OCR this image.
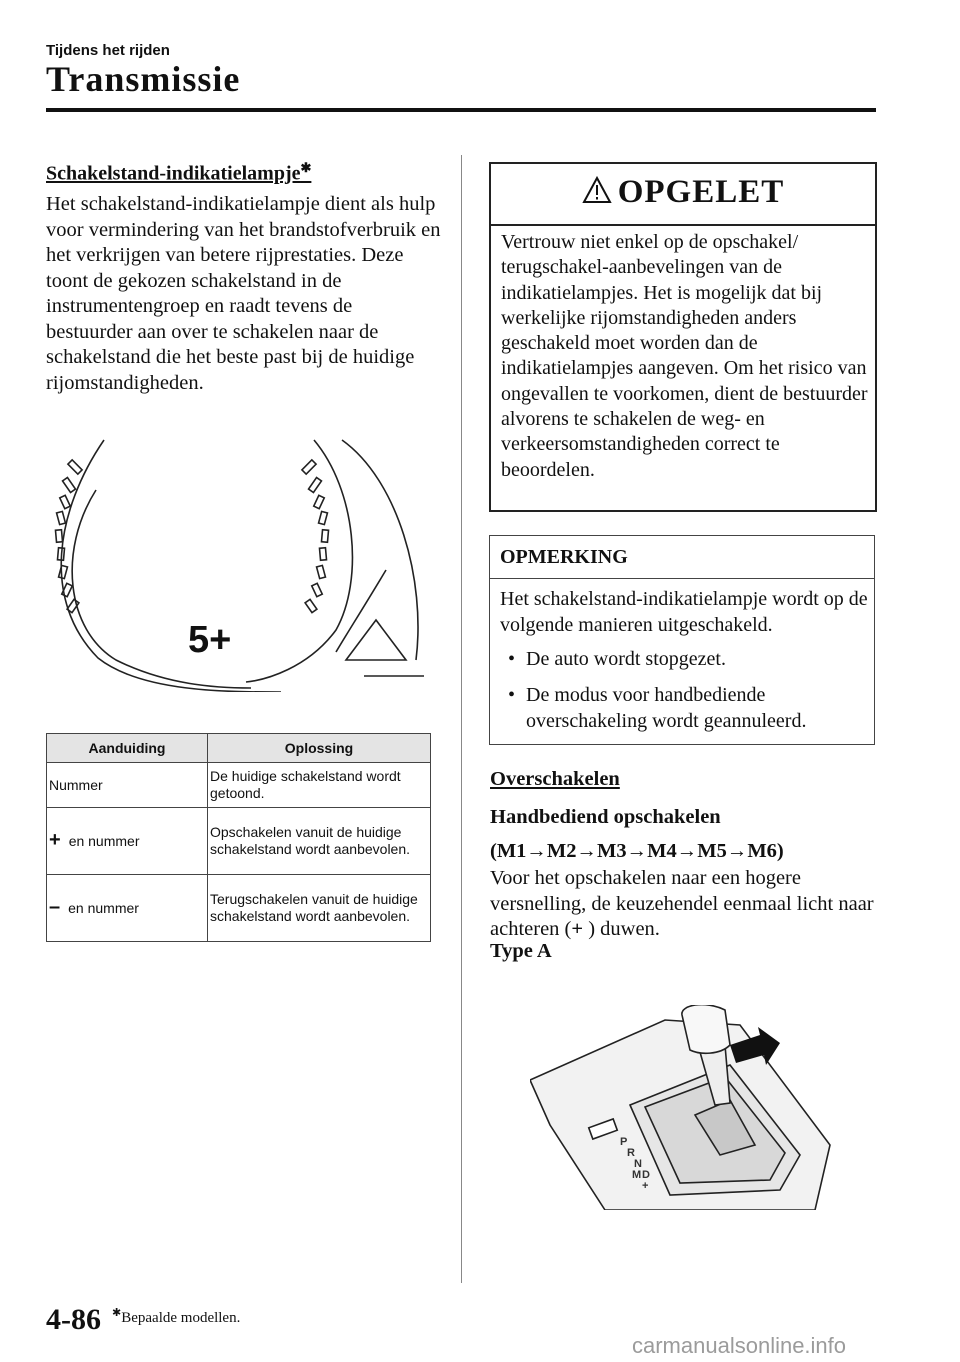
Tijdens het rijden
Transmissie
Schakelstand-indikatielampje✱
Het schakelstand-indikatielampje dient als hulp voor vermindering van het brandstofverbruik en het verkrijgen van betere rijprestaties. Deze toont de gekozen schakelstand in de instrumentengroep en raadt tevens de bestuurder aan over te schakelen naar de schakelstand die het beste past bij de huidige rijomstandigheden.
5+
Aanduiding	Oplossing
Nummer	De huidige schakelstand wordt getoond.
+ en nummer	Opschakelen vanuit de huidige schakelstand wordt aanbevolen.
– en nummer	Terugschakelen vanuit de huidige schakelstand wordt aanbevolen.
OPGELET
Vertrouw niet enkel op de opschakel/ terugschakel-aanbevelingen van de indikatielampjes. Het is mogelijk dat bij werkelijke rijomstandigheden anders geschakeld moet worden dan de indikatielampjes aangeven. Om het risico van ongevallen te voorkomen, dient de bestuurder alvorens te schakelen de weg- en verkeersomstandigheden correct te beoordelen.
OPMERKING
Het schakelstand-indikatielampje wordt op de volgende manieren uitgeschakeld.
• De auto wordt stopgezet.
• De modus voor handbediende overschakeling wordt geannuleerd.
Overschakelen
Handbediend opschakelen
(M1→M2→M3→M4→M5→M6)
Voor het opschakelen naar een hogere versnelling, de keuzehendel eenmaal licht naar achteren (+ ) duwen.
Type A
P
R
N
D
M
+
4-86 ✱Bepaalde modellen.
carmanualsonline.info
